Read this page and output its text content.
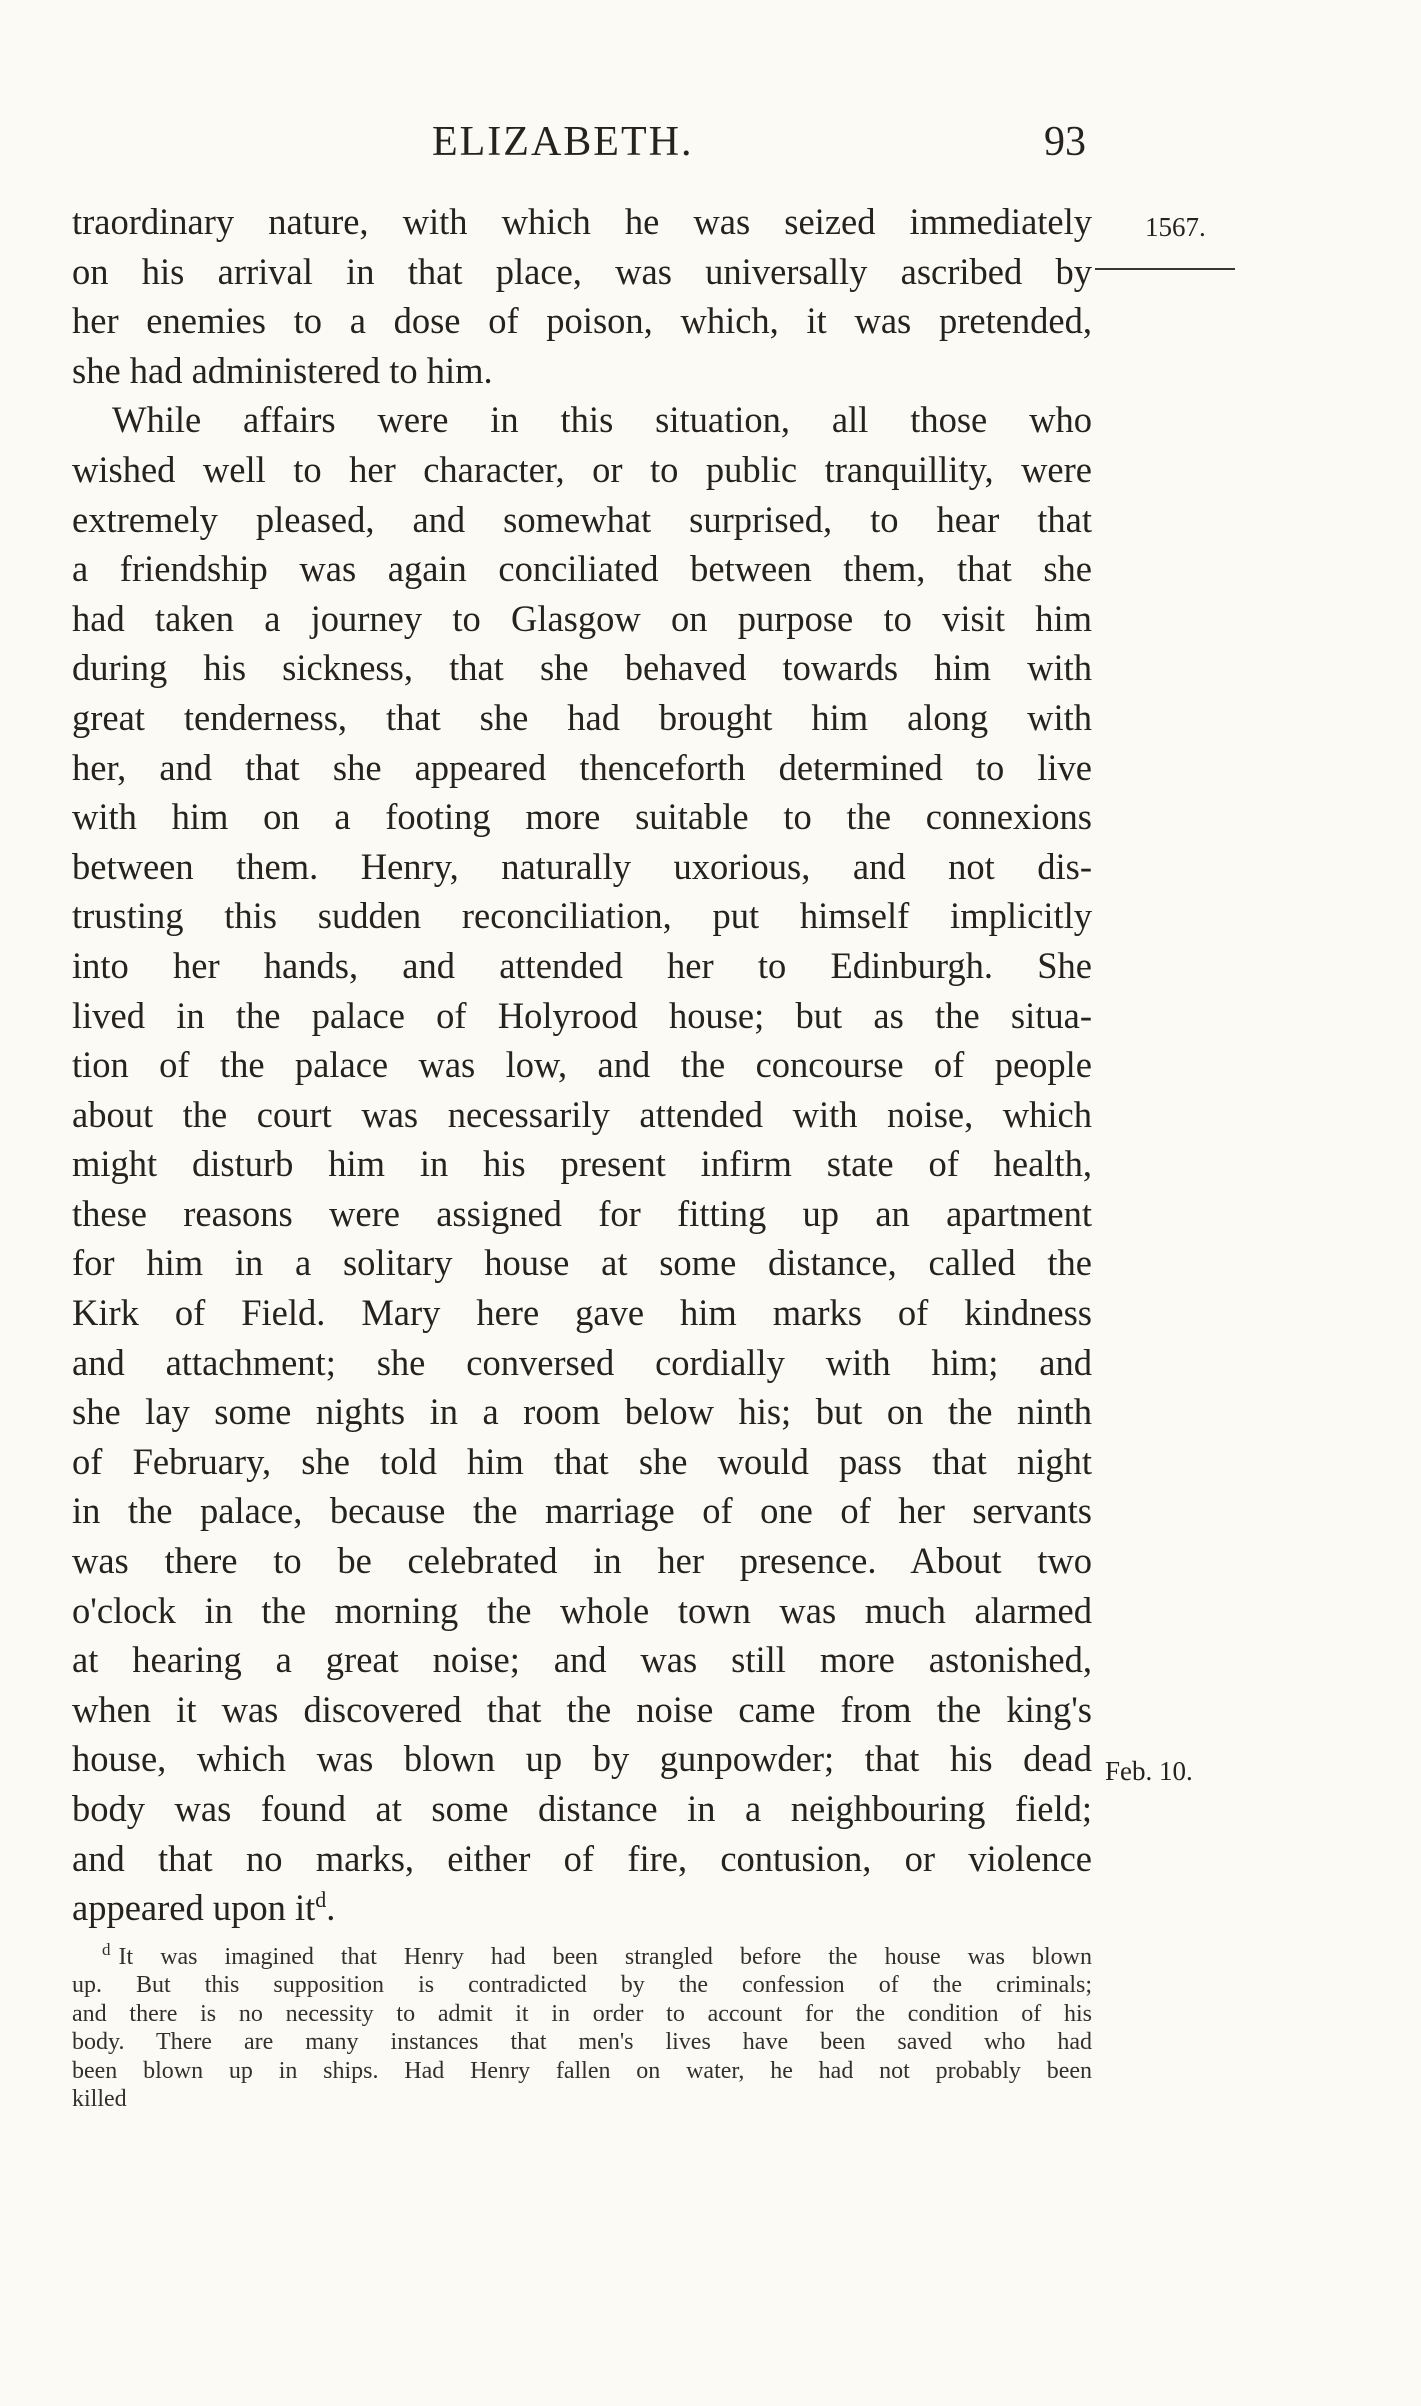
ELIZABETH.	93
1567.
Feb. 10.
traordinary nature, with which he was seized immediately
on his arrival in that place, was universally ascribed by
her enemies to a dose of poison, which, it was pretended,
she had administered to him.
While affairs were in this situation, all those who
wished well to her character, or to public tranquillity, were
extremely pleased, and somewhat surprised, to hear that
a friendship was again conciliated between them, that she
had taken a journey to Glasgow on purpose to visit him
during his sickness, that she behaved towards him with
great tenderness, that she had brought him along with
her, and that she appeared thenceforth determined to live
with him on a footing more suitable to the connexions
between them. Henry, naturally uxorious, and not dis-
trusting this sudden reconciliation, put himself implicitly
into her hands, and attended her to Edinburgh. She
lived in the palace of Holyrood house; but as the situa-
tion of the palace was low, and the concourse of people
about the court was necessarily attended with noise, which
might disturb him in his present infirm state of health,
these reasons were assigned for fitting up an apartment
for him in a solitary house at some distance, called the
Kirk of Field. Mary here gave him marks of kindness
and attachment; she conversed cordially with him; and
she lay some nights in a room below his; but on the ninth
of February, she told him that she would pass that night
in the palace, because the marriage of one of her servants
was there to be celebrated in her presence. About two
o'clock in the morning the whole town was much alarmed
at hearing a great noise; and was still more astonished,
when it was discovered that the noise came from the king's
house, which was blown up by gunpowder; that his dead
body was found at some distance in a neighbouring field;
and that no marks, either of fire, contusion, or violence
appeared upon it$^d$.
$^d$ It was imagined that Henry had been strangled before the house was blown
up. But this supposition is contradicted by the confession of the criminals;
and there is no necessity to admit it in order to account for the condition of his
body. There are many instances that men's lives have been saved who had
been blown up in ships. Had Henry fallen on water, he had not probably been
killed
